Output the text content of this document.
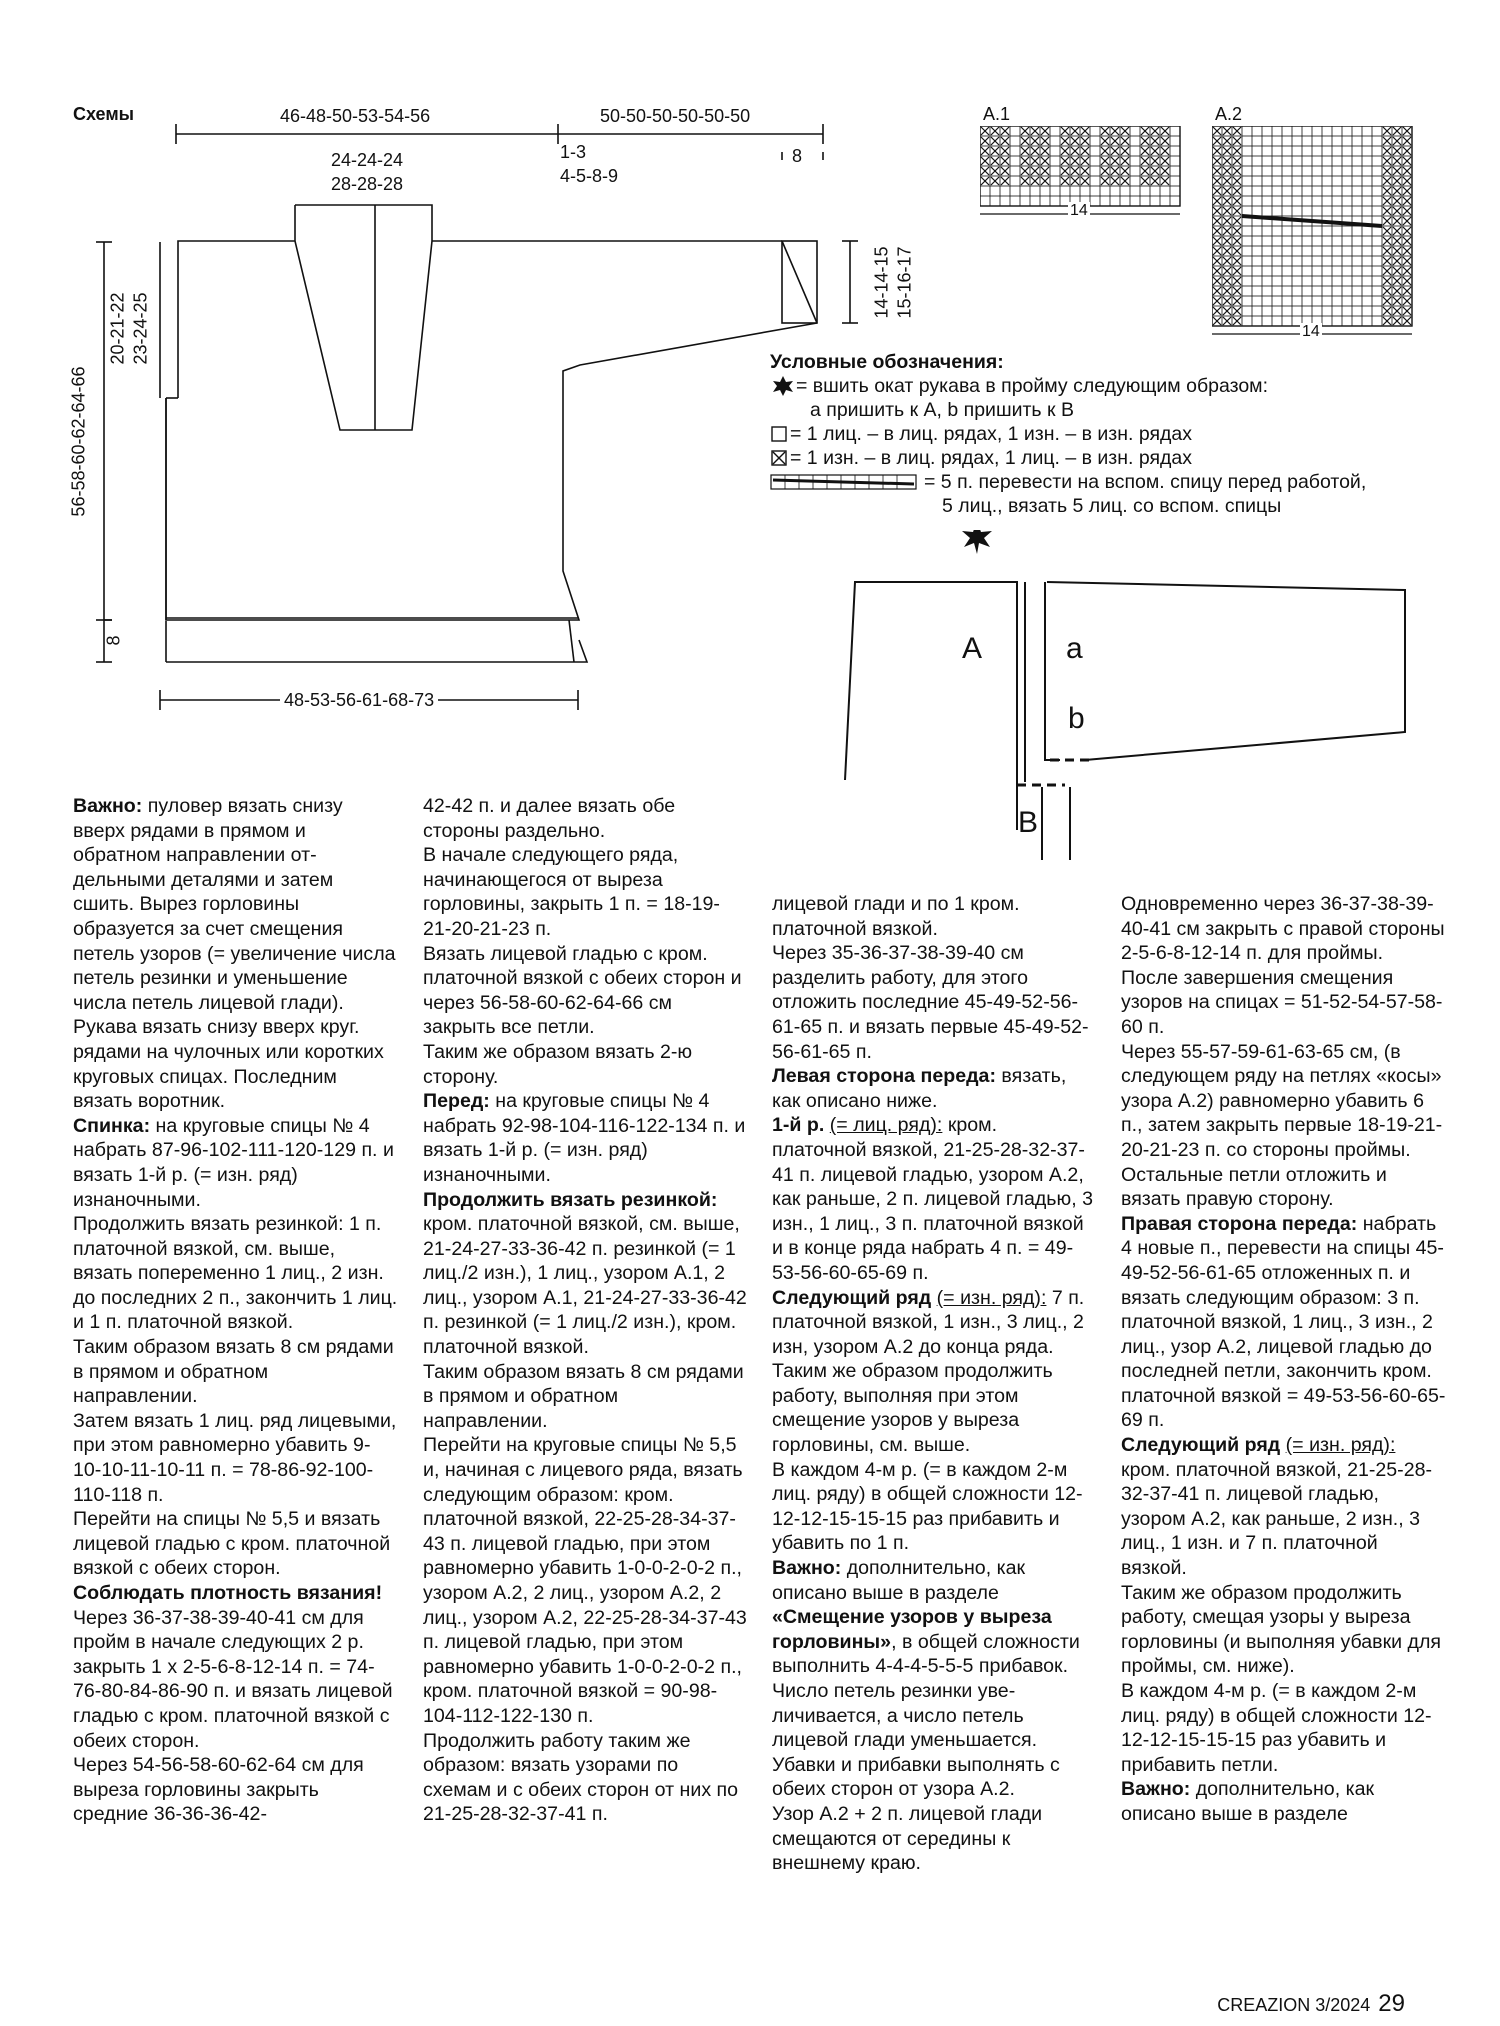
Схемы	46-48-50-53-54-56	50-50-50-50-50-50
24-24-24
28-28-28
1-3
4-5-8-9
8
56-58-60-62-64-66
20-21-22 23-24-25
8
14-14-15 15-16-17
48-53-56-61-68-73
A.1	A.2
14
14
Условные обозначения:
= вшить окат рукава в пройму следующим образом:
a пришить к A, b пришить к B
= 1 лиц. – в лиц. рядах, 1 изн. – в изн. рядах
= 1 изн. – в лиц. рядах, 1 лиц. – в изн. рядах
= 5 п. перевести на вспом. спицу перед работой,
5 лиц., вязать 5 лиц. со вспом. спицы
A	a
b
B

Важно: пуловер вязать снизу вверх рядами в прямом и обратном направлении отдельными деталями и затем сшить. Вырез горловины образуется за счет смещения петель узоров (= увеличение числа петель резинки и уменьшение числа петель лицевой глади).

Рукава вязать снизу вверх круг. рядами на чулочных или коротких круговых спицах. Последним вязать воротник.

Спинка: на круговые спицы № 4 набрать 87-96-102-111-120-129 п. и вязать 1-й р. (= изн. ряд) изнаночными.

Продолжить вязать резинкой: 1 п. платочной вязкой, см. выше, вязать попеременно 1 лиц., 2 изн. до последних 2 п., закончить 1 лиц. и 1 п. платочной вязкой.

Таким образом вязать 8 см рядами в прямом и обратном направлении.

Затем вязать 1 лиц. ряд лицевыми, при этом равномерно убавить 9-10-10-11-10-11 п. = 78-86-92-100-110-118 п.

Перейти на спицы № 5,5 и вязать лицевой гладью с кром. платочной вязкой с обеих сторон.

Соблюдать плотность вязания!

Через 36-37-38-39-40-41 см для пройм в начале следующих 2 р. закрыть 1 х 2-5-6-8-12-14 п. = 74-76-80-84-86-90 п. и вязать лицевой гладью с кром. платочной вязкой с обеих сторон.

Через 54-56-58-60-62-64 см для выреза горловины закрыть средние 36-36-36-42-

42-42 п. и далее вязать обе стороны раздельно.

В начале следующего ряда, начинающегося от выреза горловины, закрыть 1 п. = 18-19-21-20-21-23 п.

Вязать лицевой гладью с кром. платочной вязкой с обеих сторон и через 56-58-60-62-64-66 см закрыть все петли.

Таким же образом вязать 2-ю сторону.

Перед: на круговые спицы № 4 набрать 92-98-104-116-122-134 п. и вязать 1-й р. (= изн. ряд) изнаночными.

Продолжить вязать резинкой: кром. платочной вязкой, см. выше, 21-24-27-33-36-42 п. резинкой (= 1 лиц./2 изн.), 1 лиц., узором A.1, 2 лиц., узором A.1, 21-24-27-33-36-42 п. резинкой (= 1 лиц./2 изн.), кром. платочной вязкой.

Таким образом вязать 8 см рядами в прямом и обратном направлении.

Перейти на круговые спицы № 5,5 и, начиная с лицевого ряда, вязать следующим образом: кром. платочной вязкой, 22-25-28-34-37-43 п. лицевой гладью, при этом равномерно убавить 1-0-0-2-0-2 п., узором A.2, 2 лиц., узором A.2, 2 лиц., узором A.2, 22-25-28-34-37-43 п. лицевой гладью, при этом равномерно убавить 1-0-0-2-0-2 п., кром. платочной вязкой = 90-98-104-112-122-130 п.

Продолжить работу таким же образом: вязать узорами по схемам и с обеих сторон от них по 21-25-28-32-37-41 п.

лицевой глади и по 1 кром. платочной вязкой.

Через 35-36-37-38-39-40 см разделить работу, для этого отложить последние 45-49-52-56-61-65 п. и вязать первые 45-49-52-56-61-65 п.

Левая сторона переда: вязать, как описано ниже.

1-й р. (= лиц. ряд): кром. платочной вязкой, 21-25-28-32-37-41 п. лицевой гладью, узором A.2, как раньше, 2 п. лицевой гладью, 3 изн., 1 лиц., 3 п. платочной вязкой и в конце ряда набрать 4 п. = 49-53-56-60-65-69 п.

Следующий ряд (= изн. ряд): 7 п. платочной вязкой, 1 изн., 3 лиц., 2 изн, узором A.2 до конца ряда.

Таким же образом продолжить работу, выполняя при этом смещение узоров у выреза горловины, см. выше.

В каждом 4-м р. (= в каждом 2-м лиц. ряду) в общей сложности 12-12-12-15-15-15 раз прибавить и убавить по 1 п.

Важно: дополнительно, как описано выше в разделе «Смещение узоров у выреза горловины», в общей сложности выполнить 4-4-4-5-5-5 прибавок.

Число петель резинки увеличивается, а число петель лицевой глади уменьшается.

Убавки и прибавки выполнять с обеих сторон от узора A.2.

Узор A.2 + 2 п. лицевой глади смещаются от середины к внешнему краю.

Одновременно через 36-37-38-39-40-41 см закрыть с правой стороны 2-5-6-8-12-14 п. для проймы.

После завершения смещения узоров на спицах = 51-52-54-57-58-60 п.

Через 55-57-59-61-63-65 см, (в следующем ряду на петлях «косы» узора A.2) равномерно убавить 6 п., затем закрыть первые 18-19-21-20-21-23 п. со стороны проймы.

Остальные петли отложить и вязать правую сторону.

Правая сторона переда: набрать 4 новые п., перевести на спицы 45-49-52-56-61-65 отложенных п. и вязать следующим образом: 3 п. платочной вязкой, 1 лиц., 3 изн., 2 лиц., узор A.2, лицевой гладью до последней петли, закончить кром. платочной вязкой = 49-53-56-60-65-69 п.

Следующий ряд (= изн. ряд): кром. платочной вязкой, 21-25-28-32-37-41 п. лицевой гладью, узором A.2, как раньше, 2 изн., 3 лиц., 1 изн. и 7 п. платочной вязкой.

Таким же образом продолжить работу, смещая узоры у выреза горловины (и выполняя убавки для проймы, см. ниже).

В каждом 4-м р. (= в каждом 2-м лиц. ряду) в общей сложности 12-12-12-15-15-15 раз убавить и прибавить петли.

Важно: дополнительно, как описано выше в разделе

CREAZION 3/2024 29
